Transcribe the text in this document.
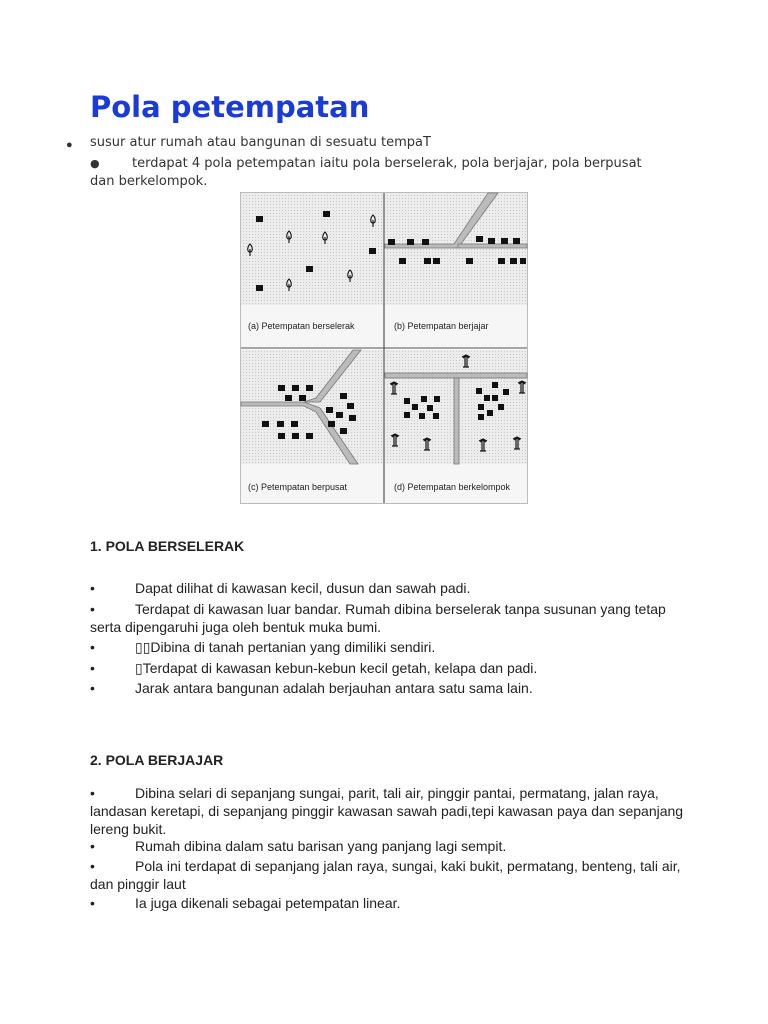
Pola petempatan
● susur atur rumah atau bangunan di sesuatu tempaT
● terdapat 4 pola petempatan iaitu pola berselerak, pola berjajar, pola berpusat dan berkelompok.
(a) Petempatan berselerak	(b) Petempatan berjajar
(c) Petempatan berpusat	(d) Petempatan berkelompok
1. POLA BERSELERAK
•	Dapat dilihat di kawasan kecil, dusun dan sawah padi.
•	Terdapat di kawasan luar bandar. Rumah dibina berselerak tanpa susunan yang tetap serta dipengaruhi juga oleh bentuk muka bumi.
•	▯▯Dibina di tanah pertanian yang dimiliki sendiri.
•	▯Terdapat di kawasan kebun-kebun kecil getah, kelapa dan padi.
•	Jarak antara bangunan adalah berjauhan antara satu sama lain.
2. POLA BERJAJAR
•	Dibina selari di sepanjang sungai, parit, tali air, pinggir pantai, permatang, jalan raya, landasan keretapi, di sepanjang pinggir kawasan sawah padi,tepi kawasan paya dan sepanjang lereng bukit.
•	Rumah dibina dalam satu barisan yang panjang lagi sempit.
•	Pola ini terdapat di sepanjang jalan raya, sungai, kaki bukit, permatang, benteng, tali air, dan pinggir laut
•	Ia juga dikenali sebagai petempatan linear.
